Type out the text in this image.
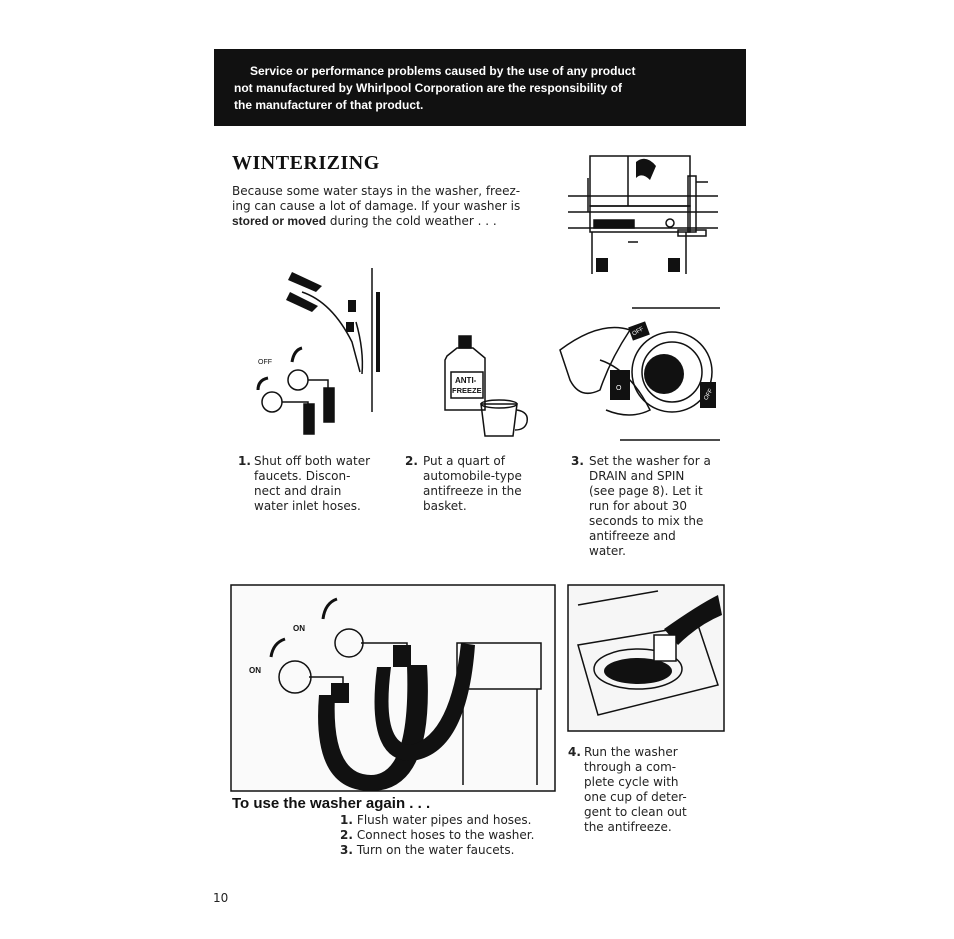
Service or performance problems caused by the use of any product
not manufactured by Whirlpool Corporation are the responsibility of
the manufacturer of that product.
WINTERIZING
Because some water stays in the washer, freez-
ing can cause a lot of damage. If your washer is
stored or moved during the cold weather . . .
OFF
ANTI-
FREEZE
OFF
OFF
O
1. Shut off both water
faucets. Discon-
nect and drain
water inlet hoses.
2. Put a quart of
automobile-type
antifreeze in the
basket.
3. Set the washer for a
DRAIN and SPIN
(see page 8). Let it
run for about 30
seconds to mix the
antifreeze and
water.
ON
ON
4. Run the washer
through a com-
plete cycle with
one cup of deter-
gent to clean out
the antifreeze.
To use the washer again . . .
1. Flush water pipes and hoses.
2. Connect hoses to the washer.
3. Turn on the water faucets.
10
